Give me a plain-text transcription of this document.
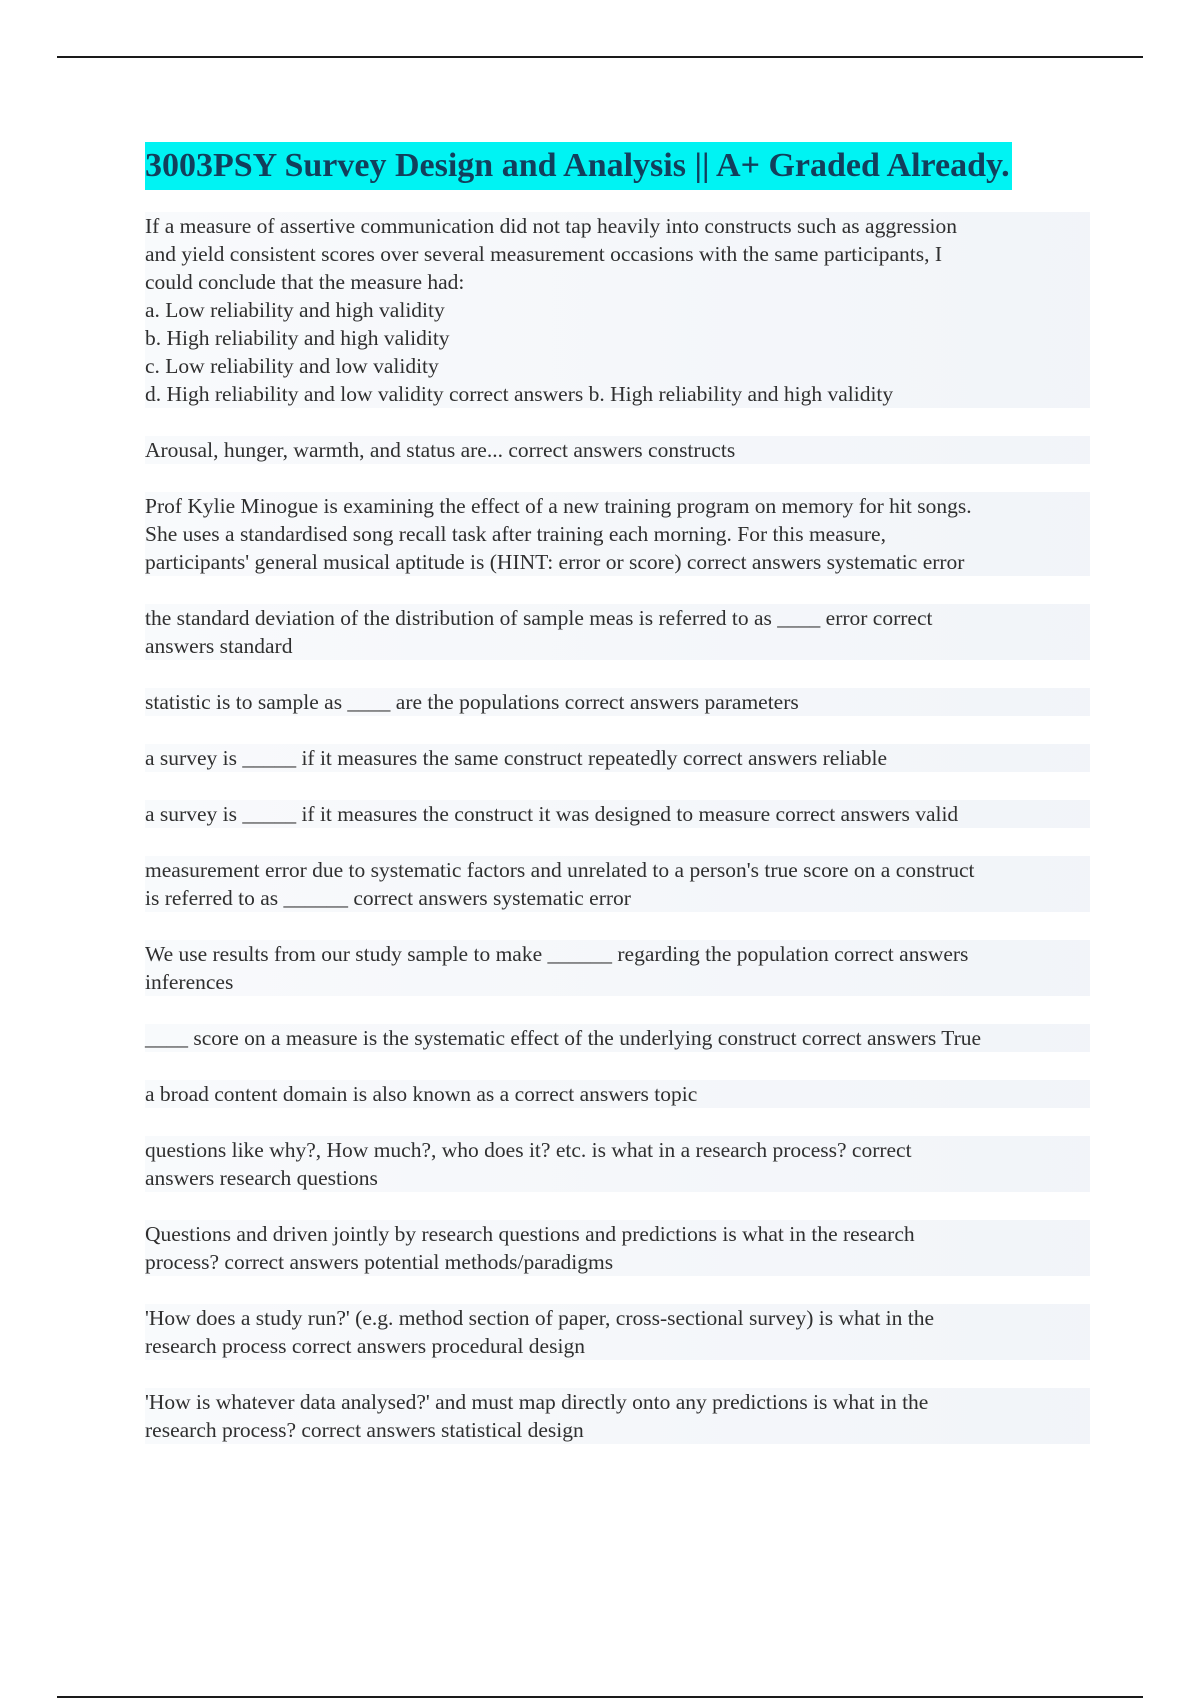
3003PSY Survey Design and Analysis || A+ Graded Already.
If a measure of assertive communication did not tap heavily into constructs such as aggression
and yield consistent scores over several measurement occasions with the same participants, I
could conclude that the measure had:
a. Low reliability and high validity
b. High reliability and high validity
c. Low reliability and low validity
d. High reliability and low validity correct answers b. High reliability and high validity
Arousal, hunger, warmth, and status are... correct answers constructs
Prof Kylie Minogue is examining the effect of a new training program on memory for hit songs.
She uses a standardised song recall task after training each morning. For this measure,
participants' general musical aptitude is (HINT: error or score) correct answers systematic error
the standard deviation of the distribution of sample meas is referred to as ____ error correct
answers standard
statistic is to sample as ____ are the populations correct answers parameters
a survey is _____ if it measures the same construct repeatedly correct answers reliable
a survey is _____ if it measures the construct it was designed to measure correct answers valid
measurement error due to systematic factors and unrelated to a person's true score on a construct
is referred to as ______ correct answers systematic error
We use results from our study sample to make ______ regarding the population correct answers
inferences
____ score on a measure is the systematic effect of the underlying construct correct answers True
a broad content domain is also known as a correct answers topic
questions like why?, How much?, who does it? etc. is what in a research process? correct
answers research questions
Questions and driven jointly by research questions and predictions is what in the research
process? correct answers potential methods/paradigms
'How does a study run?' (e.g. method section of paper, cross-sectional survey) is what in the
research process correct answers procedural design
'How is whatever data analysed?' and must map directly onto any predictions is what in the
research process? correct answers statistical design
